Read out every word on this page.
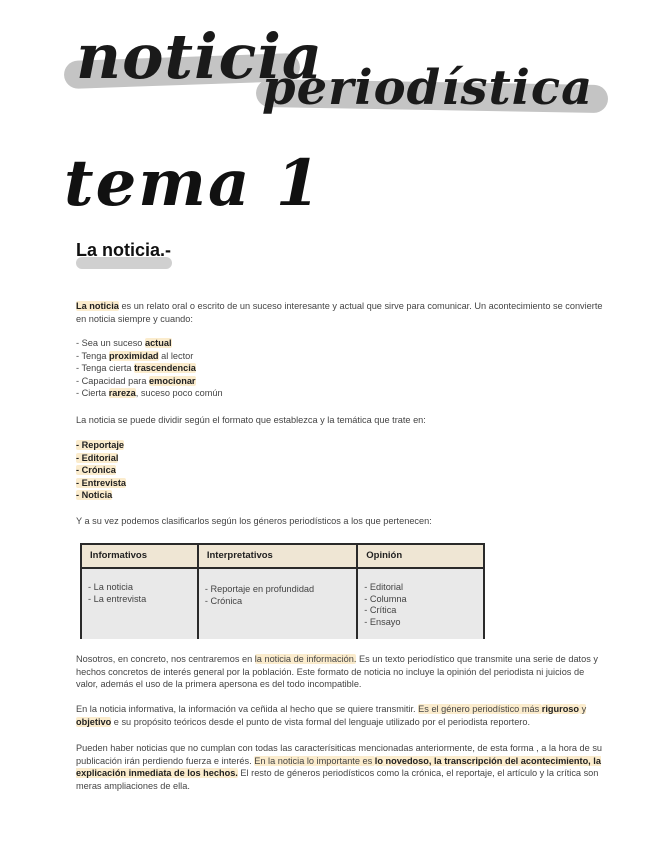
noticia
periodística
tema 1
La noticia.-
La noticia es un relato oral o escrito de un suceso interesante y actual que sirve para comunicar. Un acontecimiento se convierte en noticia siempre y cuando:
- Sea un suceso actual
- Tenga proximidad al lector
- Tenga cierta trascendencia
- Capacidad para emocionar
- Cierta rareza, suceso poco común
La noticia se puede dividir según el formato que establezca y la temática que trate en:
- Reportaje
- Editorial
- Crónica
- Entrevista
- Noticia
Y a su vez podemos clasificarlos según los géneros periodísticos a los que pertenecen:
Informativos
- La noticia
- La entrevista
Interpretativos
- Reportaje en profundidad
- Crónica
Opinión
- Editorial
- Columna
- Crítica
- Ensayo
Nosotros, en concreto, nos centraremos en la noticia de información. Es un texto periodístico que transmite una serie de datos y hechos concretos de interés general por la población. Este formato de noticia no incluye la opinión del periodista ni juicios de valor, además el uso de la primera apersona es del todo incompatible.
En la noticia informativa, la información va ceñida al hecho que se quiere transmitir. Es el género periodístico más riguroso y objetivo e su propósito teóricos desde el punto de vista formal del lenguaje utilizado por el periodista reportero.
Pueden haber noticias que no cumplan con todas las caracterísiticas mencionadas anteriormente, de esta forma , a la hora de su publicación irán perdiendo fuerza e interés. En la noticia lo importante es lo novedoso, la transcripción del acontecimiento, la explicación inmediata de los hechos. El resto de géneros periodísticos como la crónica, el reportaje, el artículo y la crítica son meras ampliaciones de ella.
